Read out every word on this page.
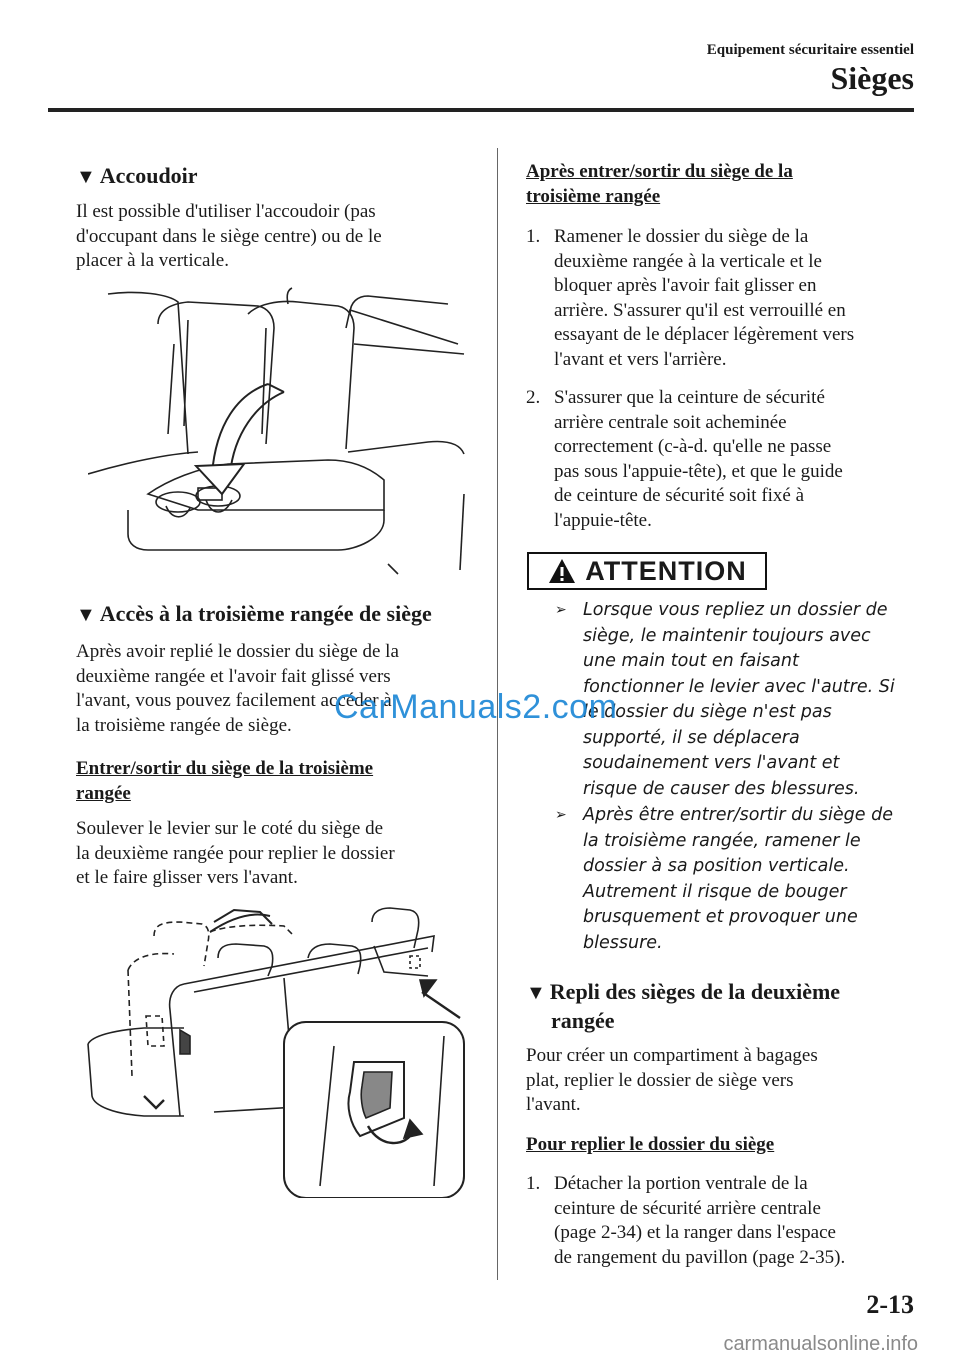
Equipement sécuritaire essentiel
Sièges
▼ Accoudoir
Il est possible d'utiliser l'accoudoir (pas
d'occupant dans le siège centre) ou de le
placer à la verticale.
▼ Accès à la troisième rangée de siège
Après avoir replié le dossier du siège de la
deuxième rangée et l'avoir fait glissé vers
l'avant, vous pouvez facilement accéder à
la troisième rangée de siège.
Entrer/sortir du siège de la troisième
rangée
Soulever le levier sur le coté du siège de
la deuxième rangée pour replier le dossier
et le faire glisser vers l'avant.
Après entrer/sortir du siège de la
troisième rangée
1. Ramener le dossier du siège de la
deuxième rangée à la verticale et le
bloquer après l'avoir fait glisser en
arrière. S'assurer qu'il est verrouillé en
essayant de le déplacer légèrement vers
l'avant et vers l'arrière.
2. S'assurer que la ceinture de sécurité
arrière centrale soit acheminée
correctement (c-à-d. qu'elle ne passe
pas sous l'appuie-tête), et que le guide
de ceinture de sécurité soit fixé à
l'appuie-tête.
ATTENTION
➢ Lorsque vous repliez un dossier de
siège, le maintenir toujours avec
une main tout en faisant
fonctionner le levier avec l'autre. Si
le dossier du siège n'est pas
supporté, il se déplacera
soudainement vers l'avant et
risque de causer des blessures.
➢ Après être entrer/sortir du siège de
la troisième rangée, ramener le
dossier à sa position verticale.
Autrement il risque de bouger
brusquement et provoquer une
blessure.
▼ Repli des sièges de la deuxième
rangée
Pour créer un compartiment à bagages
plat, replier le dossier de siège vers
l'avant.
Pour replier le dossier du siège
1. Détacher la portion ventrale de la
ceinture de sécurité arrière centrale
(page 2-34) et la ranger dans l'espace
de rangement du pavillon (page 2-35).
CarManuals2.com
2-13
carmanualsonline.info
